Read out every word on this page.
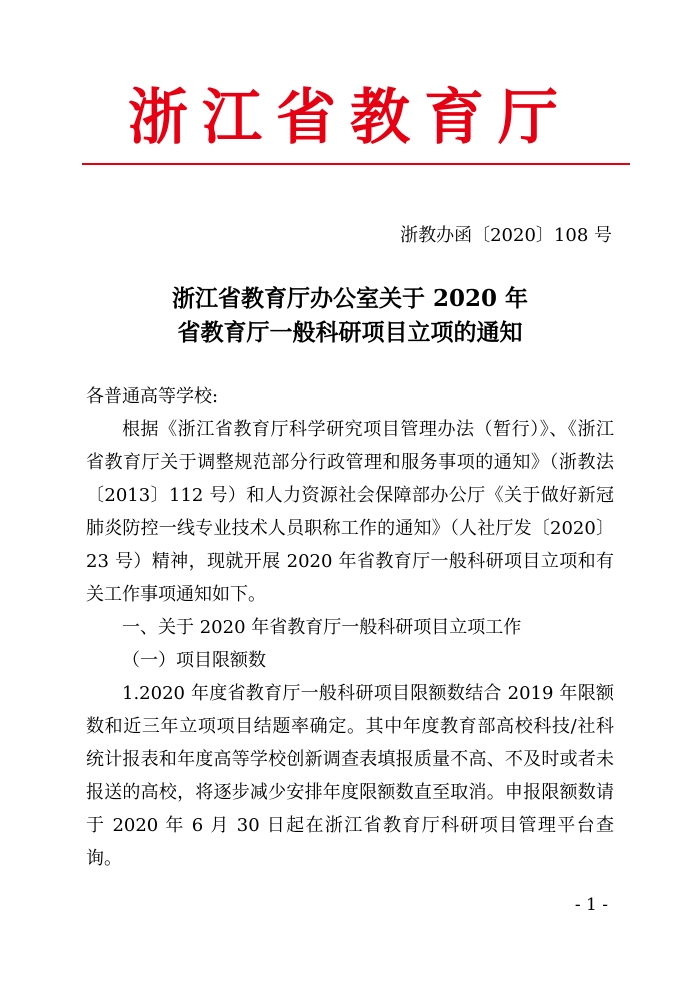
浙江省教育厅
浙教办函〔2020〕108 号
浙江省教育厅办公室关于 2020 年
省教育厅一般科研项目立项的通知

各普通高等学校:

根据《浙江省教育厅科学研究项目管理办法（暂行）》、《浙江省教育厅关于调整规范部分行政管理和服务事项的通知》（浙教法〔2013〕112 号）和人力资源社会保障部办公厅《关于做好新冠肺炎防控一线专业技术人员职称工作的通知》（人社厅发〔2020〕23 号）精神，现就开展 2020 年省教育厅一般科研项目立项和有关工作事项通知如下。

一、关于 2020 年省教育厅一般科研项目立项工作

（一）项目限额数

1.2020 年度省教育厅一般科研项目限额数结合 2019 年限额数和近三年立项项目结题率确定。其中年度教育部高校科技/社科统计报表和年度高等学校创新调查表填报质量不高、不及时或者未报送的高校，将逐步减少安排年度限额数直至取消。申报限额数请于 2020 年 6 月 30 日起在浙江省教育厅科研项目管理平台查询。

- 1 -
